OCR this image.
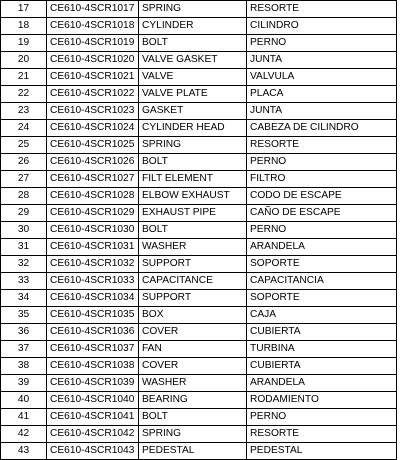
17	CE610-4SCR1017	SPRING	RESORTE
18	CE610-4SCR1018	CYLINDER	CILINDRO
19	CE610-4SCR1019	BOLT	PERNO
20	CE610-4SCR1020	VALVE GASKET	JUNTA
21	CE610-4SCR1021	VALVE	VALVULA
22	CE610-4SCR1022	VALVE PLATE	PLACA
23	CE610-4SCR1023	GASKET	JUNTA
24	CE610-4SCR1024	CYLINDER HEAD	CABEZA DE CILINDRO
25	CE610-4SCR1025	SPRING	RESORTE
26	CE610-4SCR1026	BOLT	PERNO
27	CE610-4SCR1027	FILT ELEMENT	FILTRO
28	CE610-4SCR1028	ELBOW EXHAUST	CODO DE ESCAPE
29	CE610-4SCR1029	EXHAUST PIPE	CAÑO DE ESCAPE
30	CE610-4SCR1030	BOLT	PERNO
31	CE610-4SCR1031	WASHER	ARANDELA
32	CE610-4SCR1032	SUPPORT	SOPORTE
33	CE610-4SCR1033	CAPACITANCE	CAPACITANCIA
34	CE610-4SCR1034	SUPPORT	SOPORTE
35	CE610-4SCR1035	BOX	CAJA
36	CE610-4SCR1036	COVER	CUBIERTA
37	CE610-4SCR1037	FAN	TURBINA
38	CE610-4SCR1038	COVER	CUBIERTA
39	CE610-4SCR1039	WASHER	ARANDELA
40	CE610-4SCR1040	BEARING	RODAMIENTO
41	CE610-4SCR1041	BOLT	PERNO
42	CE610-4SCR1042	SPRING	RESORTE
43	CE610-4SCR1043	PEDESTAL	PEDESTAL
